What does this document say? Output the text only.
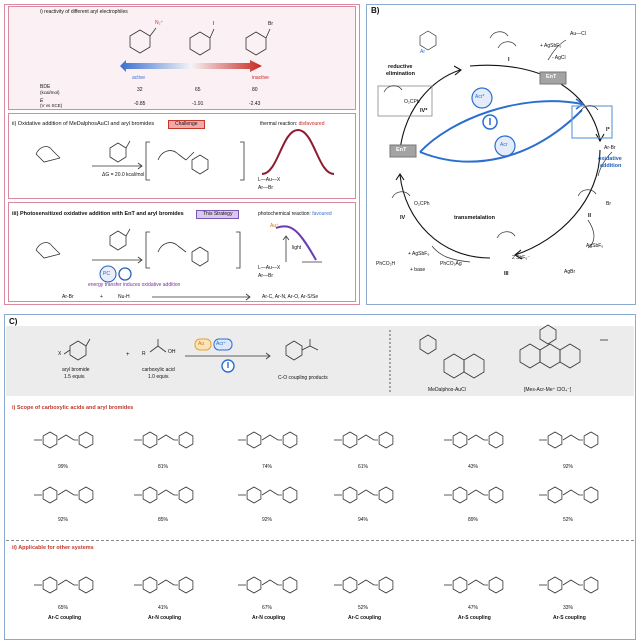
i) reactivity of different aryl electrophiles
N₂⁺	I	Br
active	inactive
BDE
(kcal/mol)	32	65	80
E
(V vs SCE)	-0.85	-1.91	-2.43
ii) Oxidative addition of MeDalphosAuCl and aryl bromides	Challenge	thermal reaction: disfavoured
ΔG = 20.0 kcal/mol
L—Au—X
Ar—Br
iii) Photosensitized oxidative addition with EnT and aryl bromides	This Strategy	photochemical reaction: favoured
PC
Au⁺
light
L—Au—X
Ar—Br
energy transfer induces oxidative addition
Ar-Br	+	Nu-H	Ar-C, Ar-N, Ar-O, Ar-S/Se
B)
EnT
EnT
Acr*
Acr
reductive
elimination
oxidative
addition
transmetalation
Ar
Au—Cl
+ AgSbF₆
- AgCl
Ar-Br
AgSbF₆
AgBr
PhCO₂H
+ AgSbF₆
+ base
PhCO₂Ag
2 SbF₆⁻
O₂CPh
O₂CPh	Br
I
I*
II
III
IV
IV*
C)
X	+ R	OH
aryl bromide
1.5 equiv.
carboxylic acid
1.0 equiv.
Au Acr⁺
C-O coupling products
MeDalphos-AuCl	[Mes-Acr-Me⁺ ClO₄⁻]
i) Scope of carboxylic acids and aryl bromides
ii) Applicable for other systems
99%	81%	74%	61%	43%	92%
92%	85%	92%	94%	89%	52%
65%
Ar-C coupling
41%
Ar-N coupling
67%
Ar-N coupling
52%
Ar-C coupling
47%
Ar-S coupling
33%
Ar-S coupling
